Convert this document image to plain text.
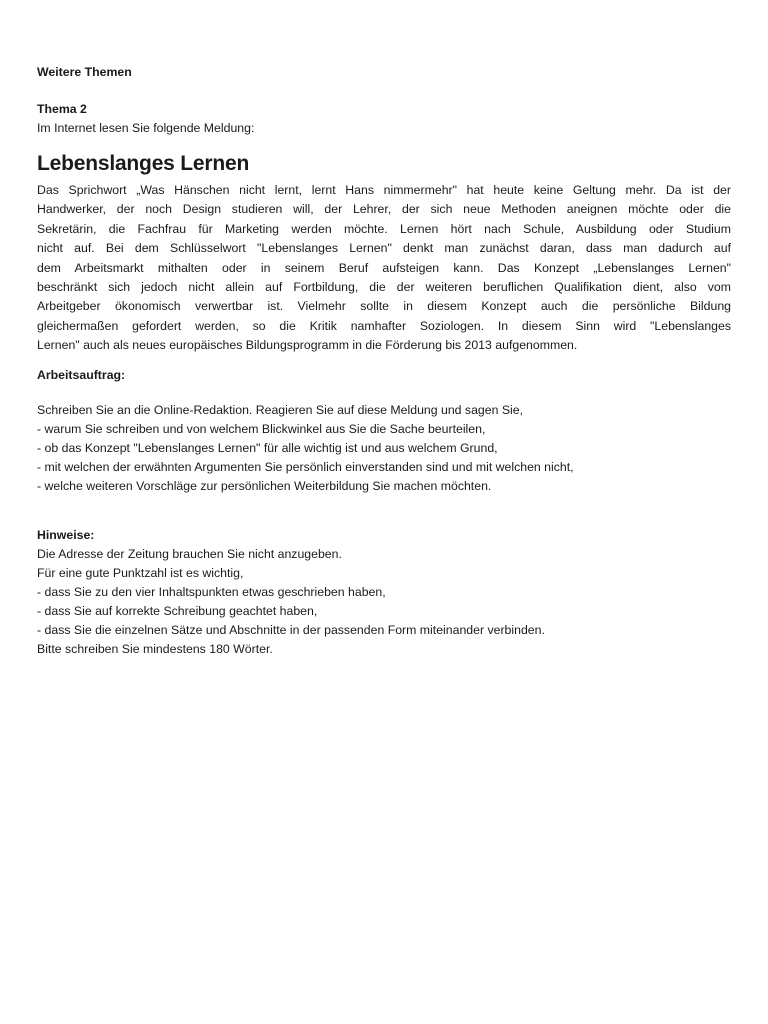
Weitere Themen
Thema 2
Im Internet lesen Sie folgende Meldung:
Lebenslanges Lernen
Das Sprichwort „Was Hänschen nicht lernt, lernt Hans nimmermehr" hat heute keine Geltung mehr. Da ist der
Handwerker, der noch Design studieren will, der Lehrer, der sich neue Methoden aneignen möchte oder die
Sekretärin, die Fachfrau für Marketing werden möchte. Lernen hört nach Schule, Ausbildung oder Studium
nicht auf. Bei dem Schlüsselwort "Lebenslanges Lernen" denkt man zunächst daran, dass man dadurch auf
dem Arbeitsmarkt mithalten oder in seinem Beruf aufsteigen kann. Das Konzept „Lebenslanges Lernen"
beschränkt sich jedoch nicht allein auf Fortbildung, die der weiteren beruflichen Qualifikation dient, also vom
Arbeitgeber ökonomisch verwertbar ist. Vielmehr sollte in diesem Konzept auch die persönliche Bildung
gleichermaßen gefordert werden, so die Kritik namhafter Soziologen. In diesem Sinn wird "Lebenslanges
Lernen" auch als neues europäisches Bildungsprogramm in die Förderung bis 2013 aufgenommen.
Arbeitsauftrag:
Schreiben Sie an die Online-Redaktion. Reagieren Sie auf diese Meldung und sagen Sie,
- warum Sie schreiben und von welchem Blickwinkel aus Sie die Sache beurteilen,
- ob das Konzept "Lebenslanges Lernen" für alle wichtig ist und aus welchem Grund,
- mit welchen der erwähnten Argumenten Sie persönlich einverstanden sind und mit welchen nicht,
- welche weiteren Vorschläge zur persönlichen Weiterbildung Sie machen möchten.
Hinweise:
Die Adresse der Zeitung brauchen Sie nicht anzugeben.
Für eine gute Punktzahl ist es wichtig,
- dass Sie zu den vier Inhaltspunkten etwas geschrieben haben,
- dass Sie auf korrekte Schreibung geachtet haben,
- dass Sie die einzelnen Sätze und Abschnitte in der passenden Form miteinander verbinden.
Bitte schreiben Sie mindestens 180 Wörter.
